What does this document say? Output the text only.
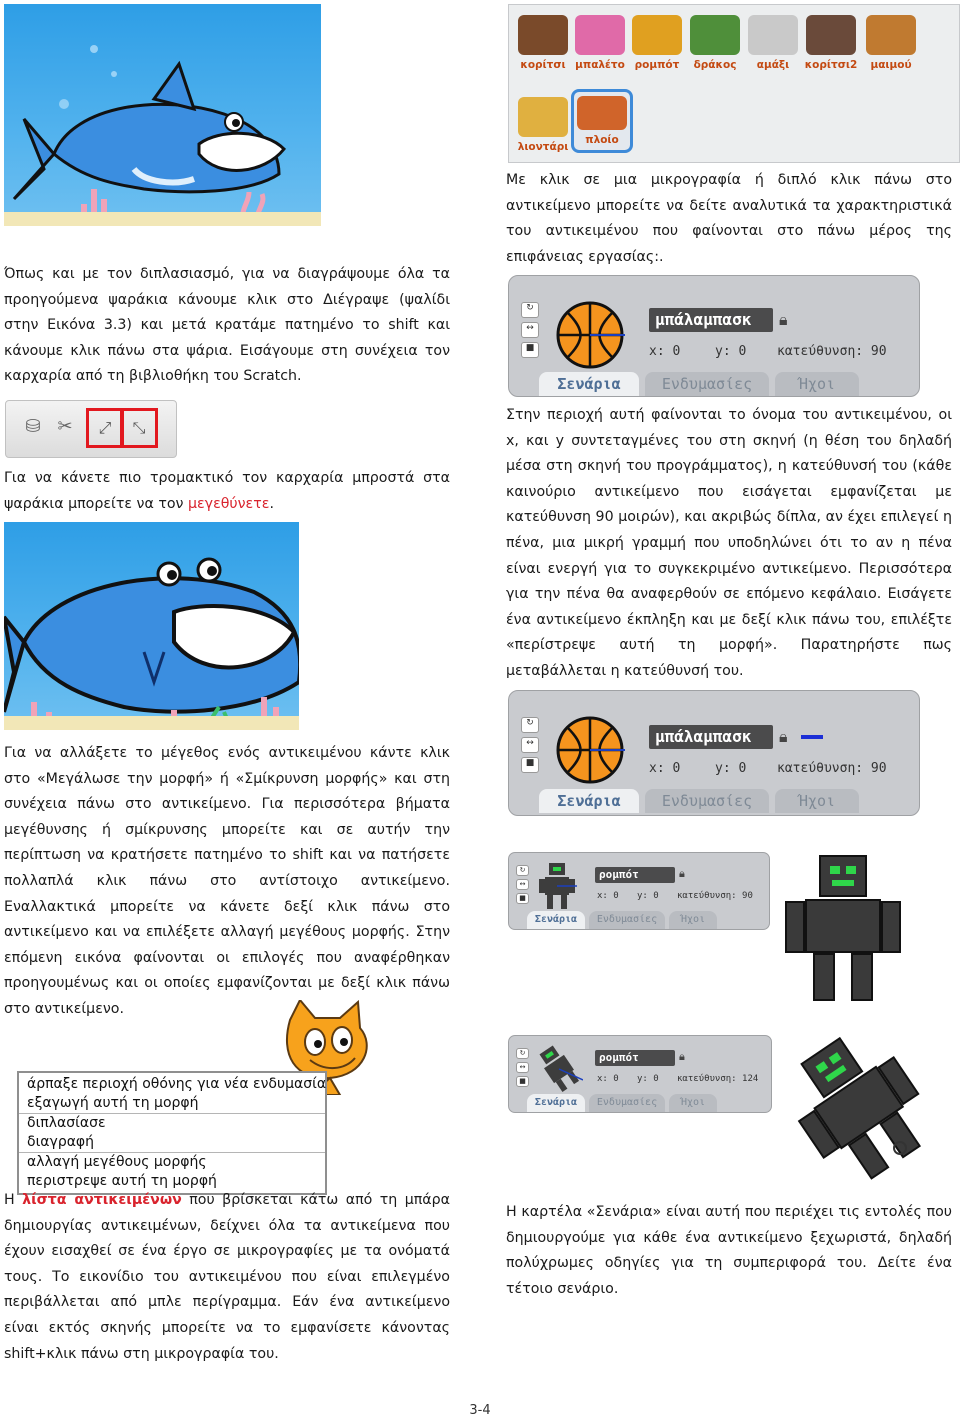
Όπως και με τον διπλασιασμό, για να διαγράψουμε όλα τα προηγούμενα ψαράκια κάνουμε κλικ στο Διέγραψε (ψαλίδι στην Εικόνα 3.3) και μετά κρατάμε πατημένο το shift και κάνουμε κλικ πάνω στα ψάρια. Εισάγουμε στη συνέχεια τον καρχαρία από τη βιβλιοθήκη του Scratch.

⛁ ✂	⤢	⤡

Για να κάνετε πιο τρομακτικό τον καρχαρία μπροστά στα ψαράκια μπορείτε να τον μεγεθύνετε.

Για να αλλάξετε το μέγεθος ενός αντικειμένου κάντε κλικ στο «Μεγάλωσε την μορφή» ή «Σμίκρυνση μορφής» και στη συνέχεια πάνω στο αντικείμενο. Για περισσότερα βήματα μεγέθυνσης ή σμίκρυνσης μπορείτε και σε αυτήν την περίπτωση να κρατήσετε πατημένο το shift και να πατήσετε πολλαπλά κλικ πάνω στο αντίστοιχο αντικείμενο. Εναλλακτικά μπορείτε να κάνετε δεξί κλικ πάνω στο αντικείμενο και να επιλέξετε αλλαγή μεγέθους μορφής. Στην επόμενη εικόνα φαίνονται οι επιλογές που αναφέρθηκαν προηγουμένως και οι οποίες εμφανίζονται με δεξί κλικ πάνω στο αντικείμενο.

άρπαξε περιοχή οθόνης για νέα ενδυμασία
εξαγωγή αυτή τη μορφή
διπλασίασε
διαγραφή
αλλαγή μεγέθους μορφής
περιστρεψε αυτή τη μορφή

Η λίστα αντικειμένων που βρίσκεται κάτω από τη μπάρα δημιουργίας αντικειμένων, δείχνει όλα τα αντικείμενα που έχουν εισαχθεί σε ένα έργο σε μικρογραφίες με τα ονόματά τους. Το εικονίδιο του αντικειμένου που είναι επιλεγμένο περιβάλλεται από μπλε περίγραμμα. Εάν ένα αντικείμενο είναι εκτός σκηνής μπορείτε να το εμφανίσετε κάνοντας shift+κλικ πάνω στη μικρογραφία του.

κορίτσι μπαλέτο ρομπότ	δράκος	αμάξι	κορίτσι2	μαιμού
λιοντάρι
πλοίο

Με κλικ σε μια μικρογραφία ή διπλό κλικ πάνω στο αντικείμενο μπορείτε να δείτε αναλυτικά τα χαρακτηριστικά του αντικειμένου που φαίνονται στο πάνω μέρος της επιφάνειας εργασίας:.

↻
↔
■
μπάλαμπασκ	🔒︎
x: 0	y: 0 κατεύθυνση: 90
Σενάρια	Ενδυμασίες	Ήχοι

Στην περιοχή αυτή φαίνονται το όνομα του αντικειμένου, οι x, και y συντεταγμένες του στη σκηνή (η θέση του δηλαδή μέσα στη σκηνή του προγράμματος), η κατεύθυνσή του (κάθε καινούριο αντικείμενο που εισάγεται εμφανίζεται με κατεύθυνση 90 μοιρών), και ακριβώς δίπλα, αν έχει επιλεγεί η πένα, μια μικρή γραμμή που υποδηλώνει ότι το αν η πένα είναι ενεργή για το συγκεκριμένο αντικείμενο. Περισσότερα για την πένα θα αναφερθούν σε επόμενο κεφάλαιο. Εισάγετε ένα αντικείμενο έκπληξη και με δεξί κλικ πάνω του, επιλέξτε «περίστρεψε αυτή τη μορφή». Παρατηρήστε πως μεταβάλλεται η κατεύθυνσή του.

↻
↔
■
μπάλαμπασκ	🔒︎
x: 0	y: 0 κατεύθυνση: 90
Σενάρια	Ενδυμασίες	Ήχοι
↻
↔
■
ρομπότ	🔒︎
x: 0 y: 0 κατεύθυνση: 90
Σενάρια	Ενδυμασίες	Ήχοι
↻
↔
■
ρομπότ	🔒︎
x: 0 y: 0 κατεύθυνση: 124
Σενάρια	Ενδυμασίες	Ήχοι

Η καρτέλα «Σενάρια» είναι αυτή που περιέχει τις εντολές που δημιουργούμε για κάθε ένα αντικείμενο ξεχωριστά, δηλαδή πολύχρωμες οδηγίες για τη συμπεριφορά του. Δείτε ένα τέτοιο σενάριο.

3-4
